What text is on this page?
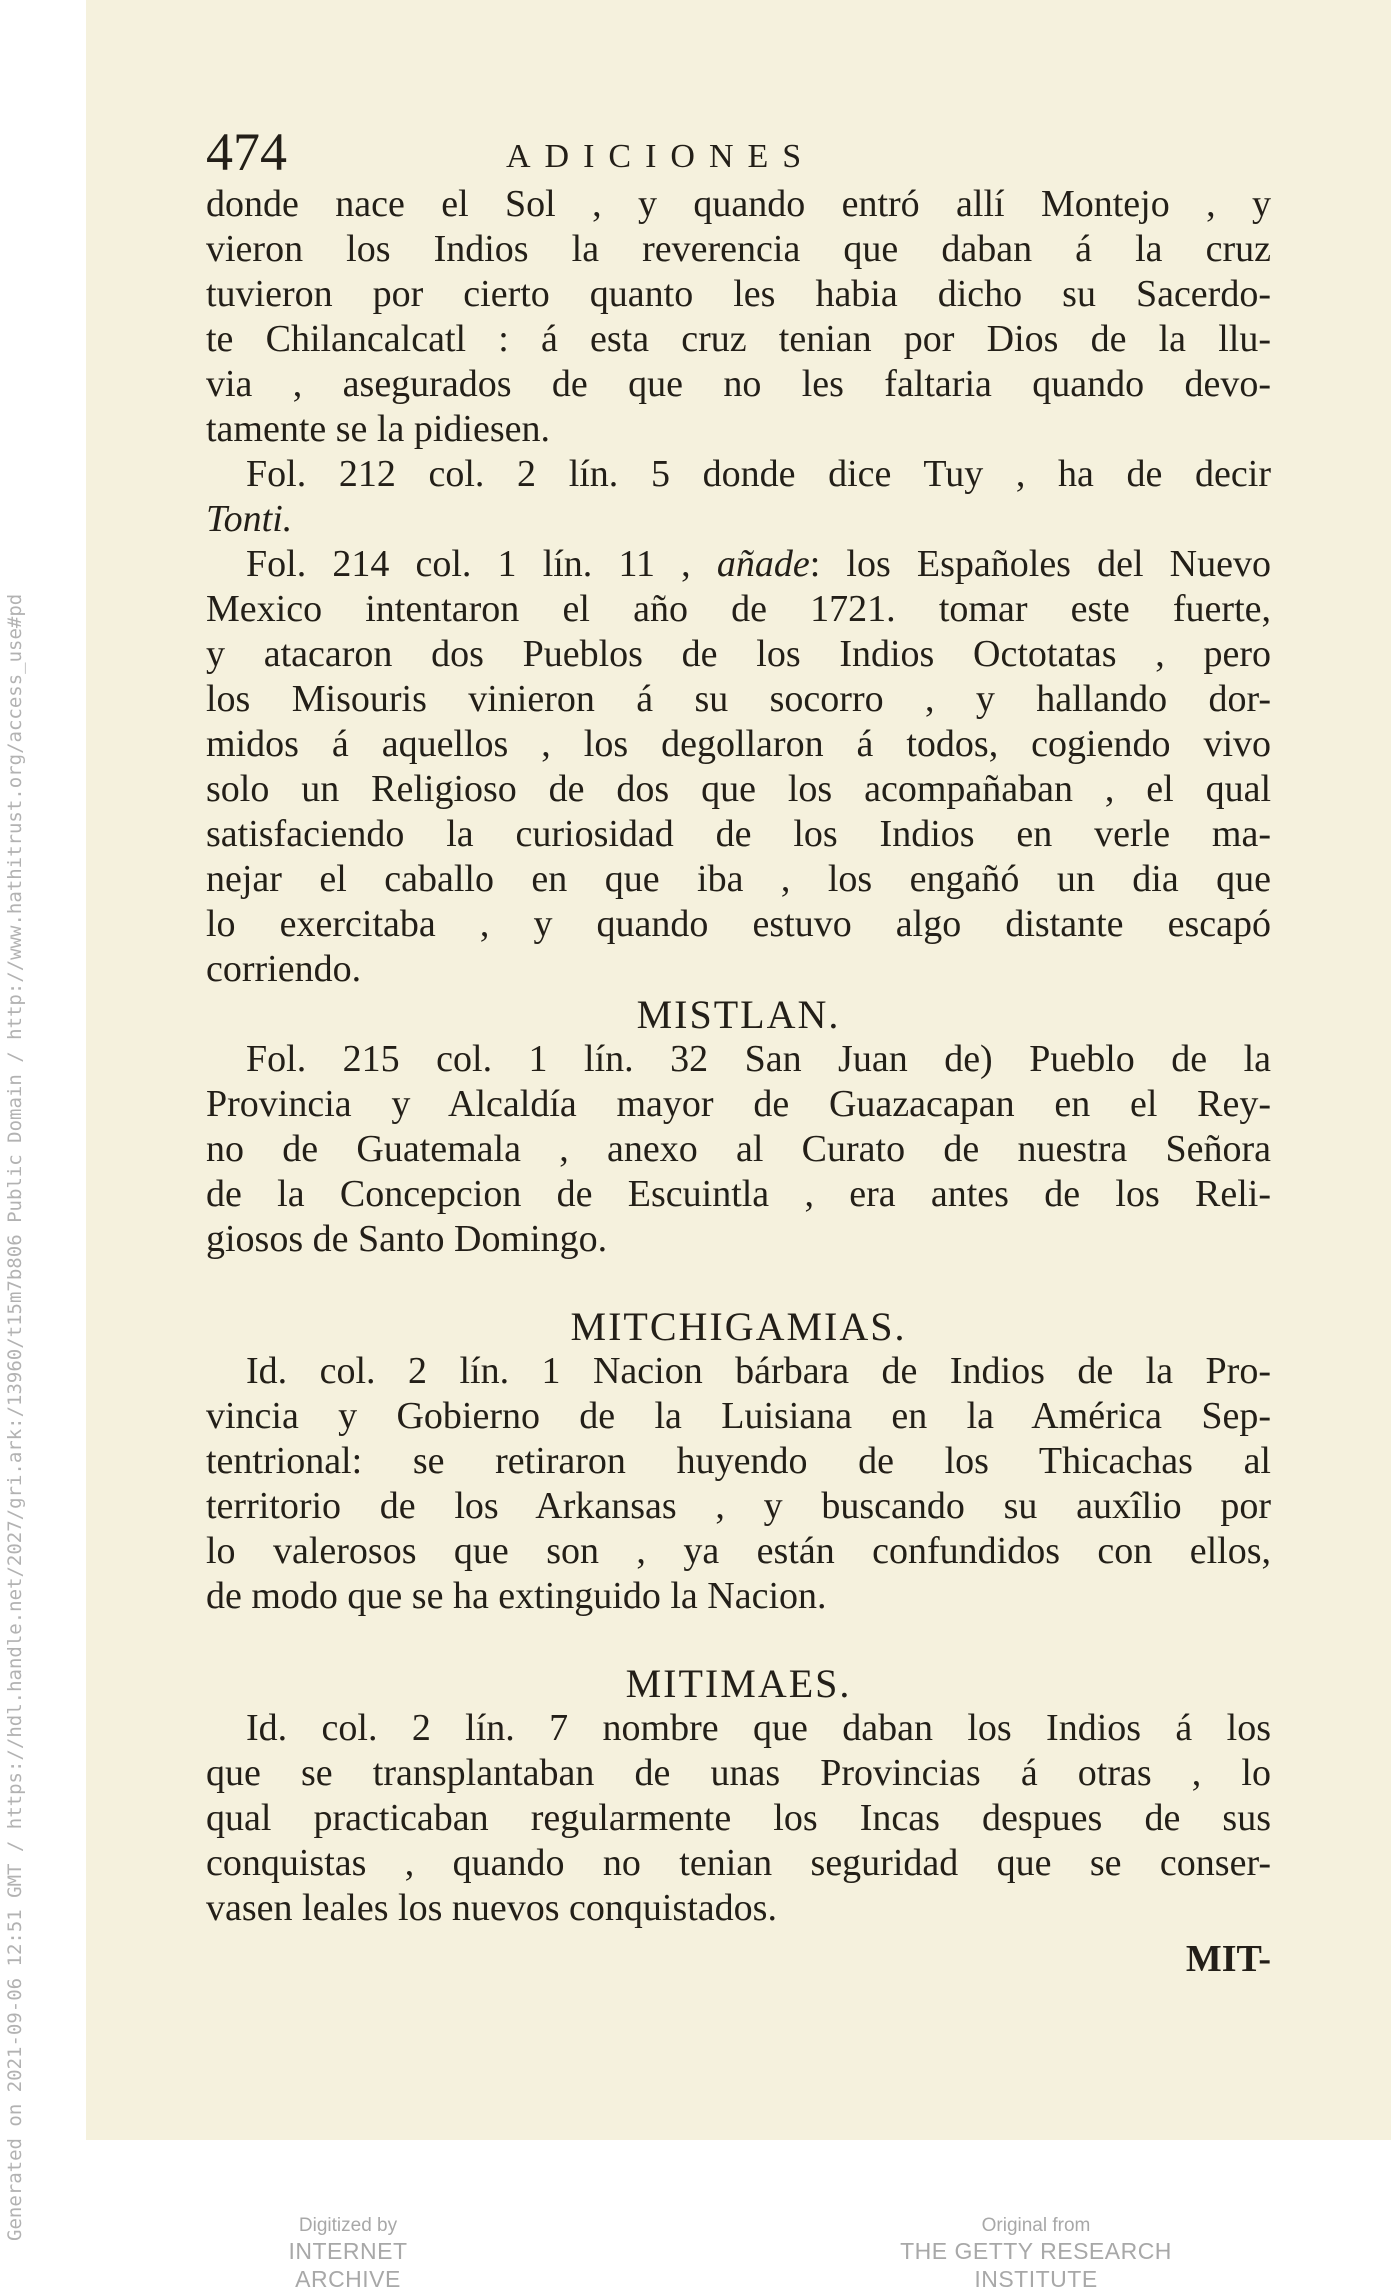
474	ADICIONES

donde nace el Sol , y quando entró allí Montejo , y

vieron los Indios la reverencia que daban á la cruz

tuvieron por cierto quanto les habia dicho su Sacerdo-

te Chilancalcatl : á esta cruz tenian por Dios de la llu-

via , asegurados de que no les faltaria quando devo-

tamente se la pidiesen.

Fol. 212 col. 2 lín. 5 donde dice Tuy , ha de decir

Tonti.

Fol. 214 col. 1 lín. 11 , añade: los Españoles del Nuevo

Mexico intentaron el año de 1721. tomar este fuerte,

y atacaron dos Pueblos de los Indios Octotatas , pero

los Misouris vinieron á su socorro , y hallando dor-

midos á aquellos , los degollaron á todos, cogiendo vivo

solo un Religioso de dos que los acompañaban , el qual

satisfaciendo la curiosidad de los Indios en verle ma-

nejar el caballo en que iba , los engañó un dia que

lo exercitaba , y quando estuvo algo distante escapó

corriendo.

MISTLAN.

Fol. 215 col. 1 lín. 32 San Juan de) Pueblo de la

Provincia y Alcaldía mayor de Guazacapan en el Rey-

no de Guatemala , anexo al Curato de nuestra Señora

de la Concepcion de Escuintla , era antes de los Reli-

giosos de Santo Domingo.

MITCHIGAMIAS.

Id. col. 2 lín. 1 Nacion bárbara de Indios de la Pro-

vincia y Gobierno de la Luisiana en la América Sep-

tentrional: se retiraron huyendo de los Thicachas al

territorio de los Arkansas , y buscando su auxîlio por

lo valerosos que son , ya están confundidos con ellos,

de modo que se ha extinguido la Nacion.

MITIMAES.

Id. col. 2 lín. 7 nombre que daban los Indios á los

que se transplantaban de unas Provincias á otras , lo

qual practicaban regularmente los Incas despues de sus

conquistas , quando no tenian seguridad que se conser-

vasen leales los nuevos conquistados.

MIT-
Generated on 2021-09-06 12:51 GMT / https://hdl.handle.net/2027/gri.ark:/13960/t15m7b806 Public Domain / http://www.hathitrust.org/access_use#pd	Digitized by
INTERNET ARCHIVE
Original from
THE GETTY RESEARCH INSTITUTE
